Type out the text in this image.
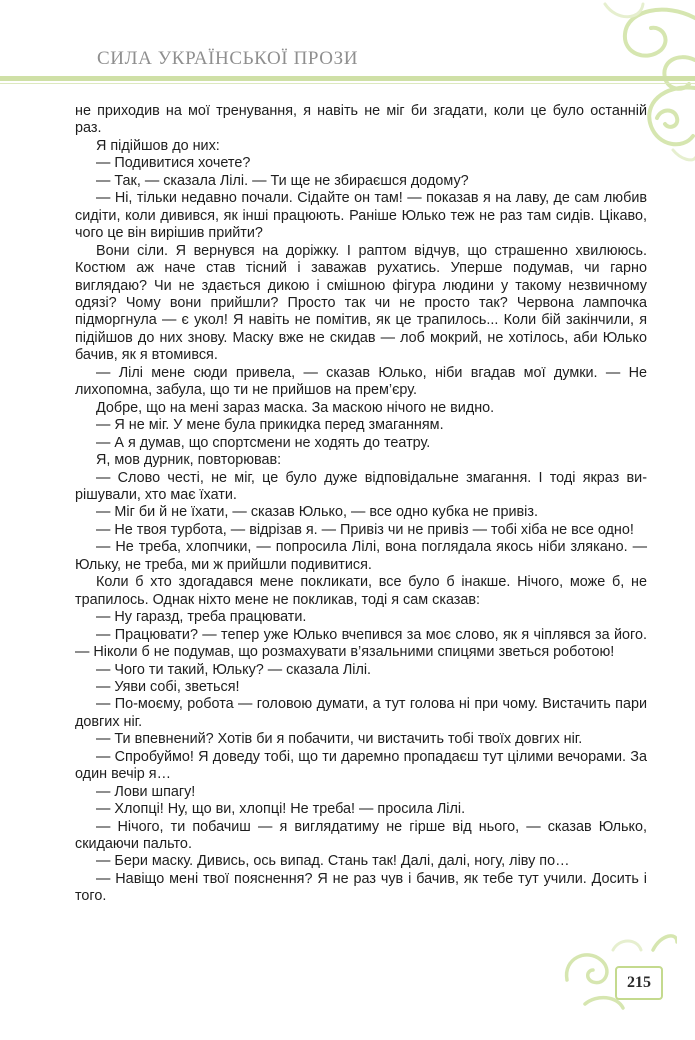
СИЛА УКРАЇНСЬКОЇ ПРОЗИ

не приходив на мої тренування, я навіть не міг би згадати, коли це було останній раз.

Я підійшов до них:

— Подивитися хочете?

— Так, — сказала Лілі. — Ти ще не збираєшся додому?

— Ні, тільки недавно почали. Сідайте он там! — показав я на лаву, де сам любив сидіти, коли дивився, як інші працюють. Раніше Юлько теж не раз там сидів. Цікаво, чого це він вирішив прийти?

Вони сіли. Я вернувся на доріжку. І раптом відчув, що страшенно хвилююсь. Костюм аж наче став тісний і заважав рухатись. Уперше подумав, чи гарно виглядаю? Чи не здається дикою і смішною фігура людини у такому незвичному одязі? Чому вони прийшли? Просто так чи не просто так? Червона лампочка підморгнула — є укол! Я навіть не помітив, як це трапилось... Коли бій закінчили, я підійшов до них знову. Маску вже не скидав — лоб мокрий, не хотілось, аби Юлько бачив, як я втомився.

— Лілі мене сюди привела, — сказав Юлько, ніби вгадав мої думки. — Не лихопомна, забула, що ти не прийшов на прем’єру.

Добре, що на мені зараз маска. За маскою нічого не видно.

— Я не міг. У мене була прикидка перед змаганням.

— А я думав, що спортсмени не ходять до театру.

Я, мов дурник, повторював:

— Слово честі, не міг, це було дуже відповідальне змагання. І тоді якраз вирішували, хто має їхати.

— Міг би й не їхати, — сказав Юлько, — все одно кубка не привіз.

— Не твоя турбота, — відрізав я. — Привіз чи не привіз — тобі хіба не все одно!

— Не треба, хлопчики, — попросила Лілі, вона поглядала якось ніби злякано. — Юльку, не треба, ми ж прийшли подивитися.

Коли б хто здогадався мене покликати, все було б інакше. Нічого, може б, не трапилось. Однак ніхто мене не покликав, тоді я сам сказав:

— Ну гаразд, треба працювати.

— Працювати? — тепер уже Юлько вчепився за моє слово, як я чіплявся за його. — Ніколи б не подумав, що розмахувати в’язальними спицями зветься роботою!

— Чого ти такий, Юльку? — сказала Лілі.

— Уяви собі, зветься!

— По-моєму, робота — головою думати, а тут голова ні при чому. Вистачить пари довгих ніг.

— Ти впевнений? Хотів би я побачити, чи вистачить тобі твоїх довгих ніг.

— Спробуймо! Я доведу тобі, що ти даремно пропадаєш тут цілими вечорами. За один вечір я…

— Лови шпагу!

— Хлопці! Ну, що ви, хлопці! Не треба! — просила Лілі.

— Нічого, ти побачиш — я виглядатиму не гірше від нього, — сказав Юлько, скидаючи пальто.

— Бери маску. Дивись, ось випад. Стань так! Далі, далі, ногу, ліву по…

— Навіщо мені твої пояснення? Я не раз чув і бачив, як тебе тут учили. Досить і того.

215
